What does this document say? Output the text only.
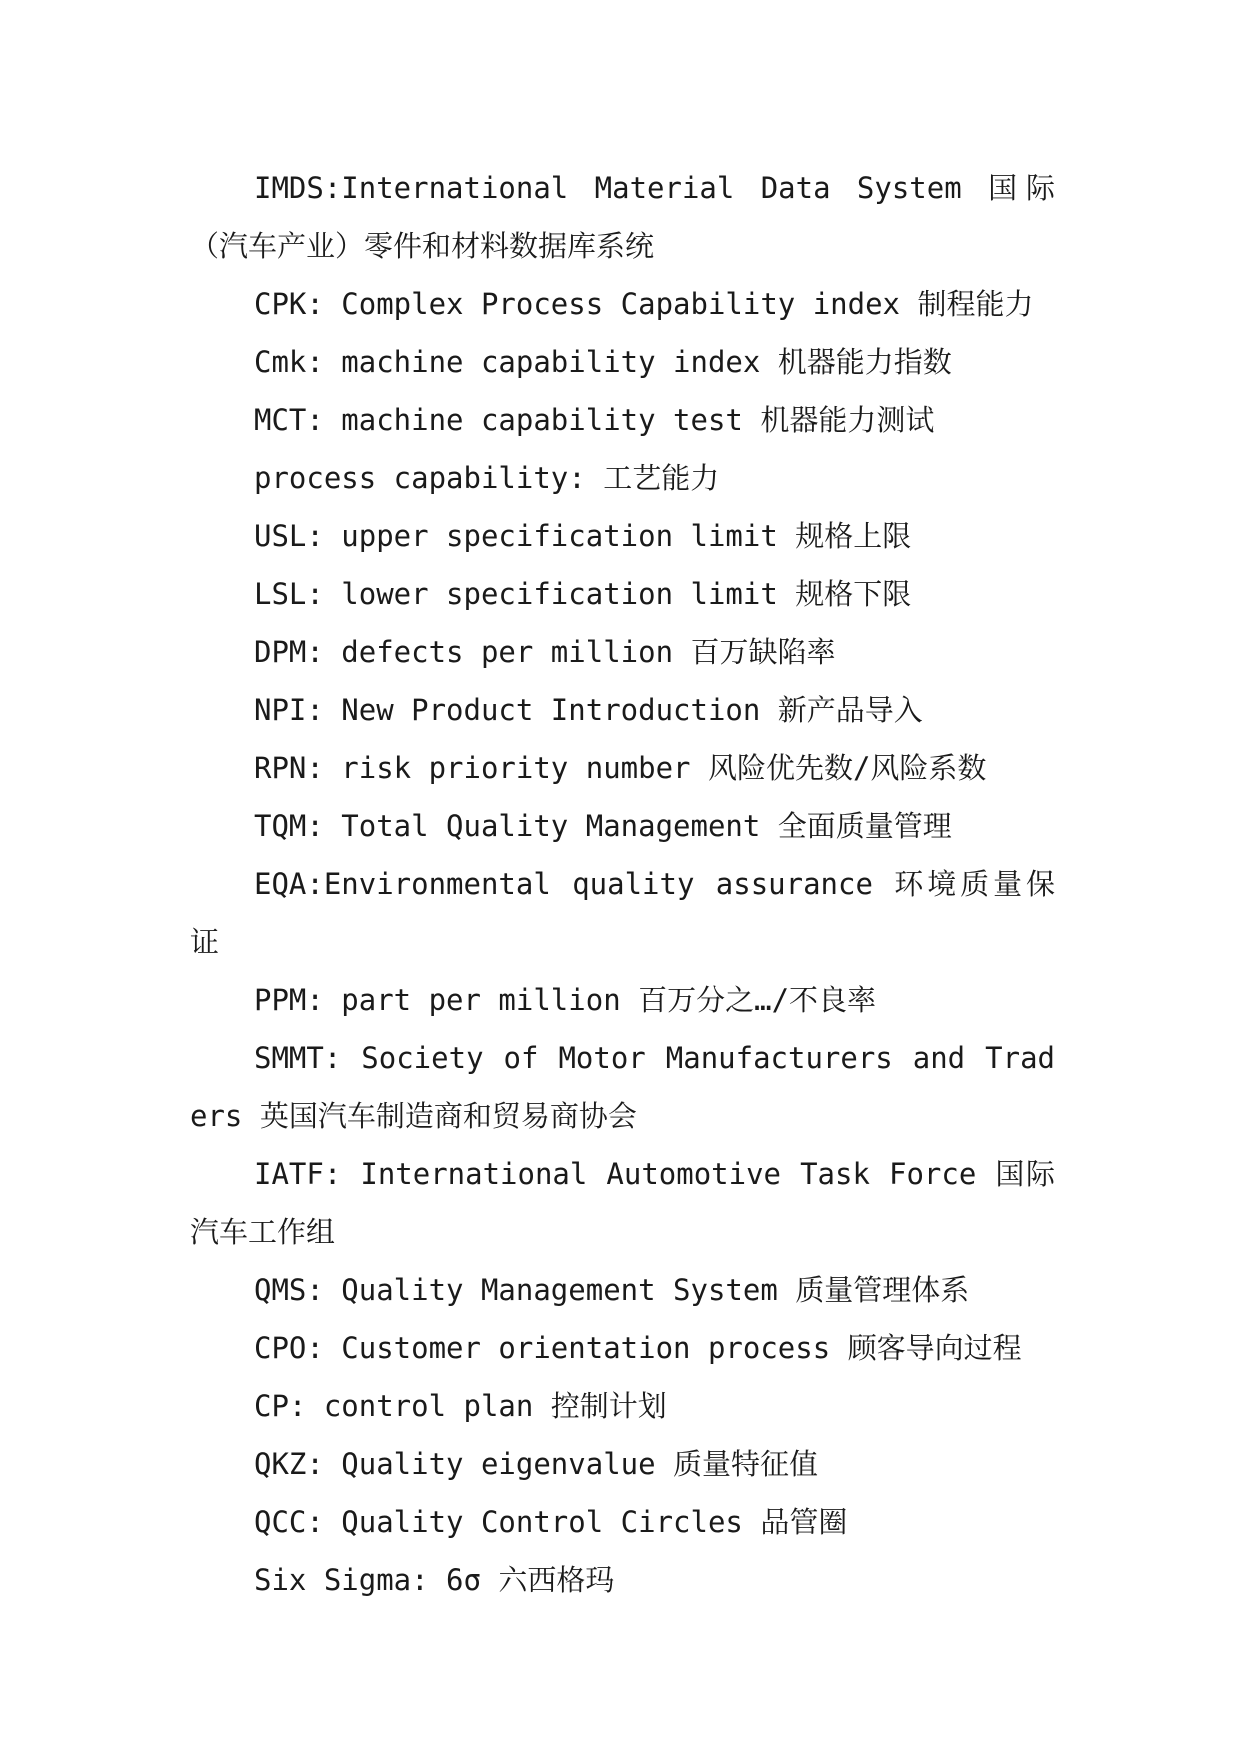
IMDS:International Material Data System 国际（汽车产业）零件和材料数据库系统

CPK: Complex Process Capability index 制程能力

Cmk: machine capability index 机器能力指数

MCT: machine capability test 机器能力测试

process capability: 工艺能力

USL: upper specification limit 规格上限

LSL: lower specification limit 规格下限

DPM: defects per million 百万缺陷率

NPI: New Product Introduction 新产品导入

RPN: risk priority number 风险优先数/风险系数

TQM: Total Quality Management 全面质量管理

EQA:Environmental quality assurance 环境质量保证

PPM: part per million 百万分之…/不良率

SMMT: Society of Motor Manufacturers and Traders 英国汽车制造商和贸易商协会

IATF: International Automotive Task Force 国际汽车工作组

QMS: Quality Management System 质量管理体系

CPO: Customer orientation process 顾客导向过程

CP: control plan 控制计划

QKZ: Quality eigenvalue 质量特征值

QCC: Quality Control Circles 品管圈

Six Sigma: 6σ 六西格玛
